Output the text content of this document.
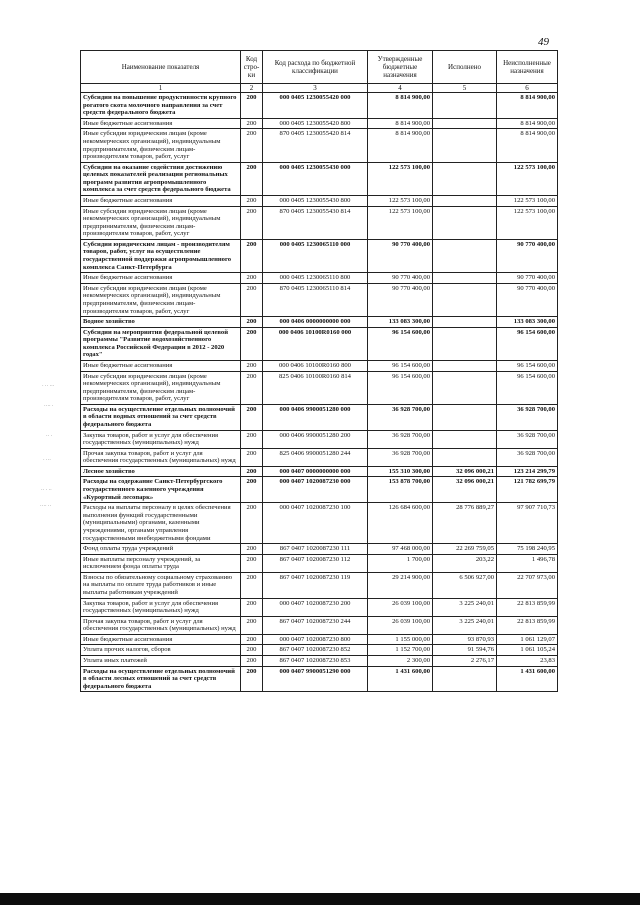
49
Наименование показателя	Код стро-ки	Код расхода по бюджетной классификации	Утвержденные бюджетные назначения	Исполнено	Неисполненные назначения
1	2	3	4	5	6
Субсидии на повышение продуктивности крупного рогатого скота молочного направления за счет средств федерального бюджета	200	000 0405 1230055420 000	8 814 900,00		8 814 900,00
Иные бюджетные ассигнования	200	000 0405 1230055420 800	8 814 900,00		8 814 900,00
Иные субсидии юридическим лицам (кроме некоммерческих организаций), индивидуальным предпринимателям, физическим лицам-производителям товаров, работ, услуг	200	870 0405 1230055420 814	8 814 900,00		8 814 900,00
Субсидии на оказание содействия достижению целевых показателей реализации региональных программ развития агропромышленного комплекса за счет средств федерального бюджета	200	000 0405 1230055430 000	122 573 100,00		122 573 100,00
Иные бюджетные ассигнования	200	000 0405 1230055430 800	122 573 100,00		122 573 100,00
Иные субсидии юридическим лицам (кроме некоммерческих организаций), индивидуальным предпринимателям, физическим лицам-производителям товаров, работ, услуг	200	870 0405 1230055430 814	122 573 100,00		122 573 100,00
Субсидии юридическим лицам - производителям товаров, работ, услуг на осуществление государственной поддержки агропромышленного комплекса Санкт-Петербурга	200	000 0405 1230065110 000	90 770 400,00		90 770 400,00
Иные бюджетные ассигнования	200	000 0405 1230065110 800	90 770 400,00		90 770 400,00
Иные субсидии юридическим лицам (кроме некоммерческих организаций), индивидуальным предпринимателям, физическим лицам-производителям товаров, работ, услуг	200	870 0405 1230065110 814	90 770 400,00		90 770 400,00
Водное хозяйство	200	000 0406 0000000000 000	133 083 300,00		133 083 300,00
Субсидии на мероприятия федеральной целевой программы "Развитие водохозяйственного комплекса Российской Федерации в 2012 - 2020 годах"	200	000 0406 10100R0160 000	96 154 600,00		96 154 600,00
Иные бюджетные ассигнования	200	000 0406 10100R0160 800	96 154 600,00		96 154 600,00
Иные субсидии юридическим лицам (кроме некоммерческих организаций), индивидуальным предпринимателям, физическим лицам-производителям товаров, работ, услуг	200	825 0406 10100R0160 814	96 154 600,00		96 154 600,00
Расходы на осуществление отдельных полномочий в области водных отношений за счет средств федерального бюджета	200	000 0406 9900051280 000	36 928 700,00		36 928 700,00
Закупка товаров, работ и услуг для обеспечения государственных (муниципальных) нужд	200	000 0406 9900051280 200	36 928 700,00		36 928 700,00
Прочая закупка товаров, работ и услуг для обеспечения государственных (муниципальных) нужд	200	825 0406 9900051280 244	36 928 700,00		36 928 700,00
Лесное хозяйство	200	000 0407 0000000000 000	155 310 300,00	32 096 000,21	123 214 299,79
Расходы на содержание Санкт-Петербургского государственного казенного учреждения «Курортный лесопарк»	200	000 0407 1020087230 000	153 878 700,00	32 096 000,21	121 782 699,79
Расходы на выплаты персоналу в целях обеспечения выполнения функций государственными (муниципальными) органами, казенными учреждениями, органами управления государственными внебюджетными фондами	200	000 0407 1020087230 100	126 684 600,00	28 776 889,27	97 907 710,73
Фонд оплаты труда учреждений	200	867 0407 1020087230 111	97 468 000,00	22 269 759,05	75 198 240,95
Иные выплаты персоналу учреждений, за исключением фонда оплаты труда	200	867 0407 1020087230 112	1 700,00	203,22	1 496,78
Взносы по обязательному социальному страхованию на выплаты по оплате труда работников и иные выплаты работникам учреждений	200	867 0407 1020087230 119	29 214 900,00	6 506 927,00	22 707 973,00
Закупка товаров, работ и услуг для обеспечения государственных (муниципальных) нужд	200	000 0407 1020087230 200	26 039 100,00	3 225 240,01	22 813 859,99
Прочая закупка товаров, работ и услуг для обеспечения государственных (муниципальных) нужд	200	867 0407 1020087230 244	26 039 100,00	3 225 240,01	22 813 859,99
Иные бюджетные ассигнования	200	000 0407 1020087230 800	1 155 000,00	93 870,93	1 061 129,07
Уплата прочих налогов, сборов	200	867 0407 1020087230 852	1 152 700,00	91 594,76	1 061 105,24
Уплата иных платежей	200	867 0407 1020087230 853	2 300,00	2 276,17	23,83
Расходы на осуществление отдельных полномочий в области лесных отношений за счет средств федерального бюджета	200	000 0407 9900051290 000	1 431 600,00		1 431 600,00
· ·· ···
···· ·
·· ·
· ···
·· · ··
···· ··
